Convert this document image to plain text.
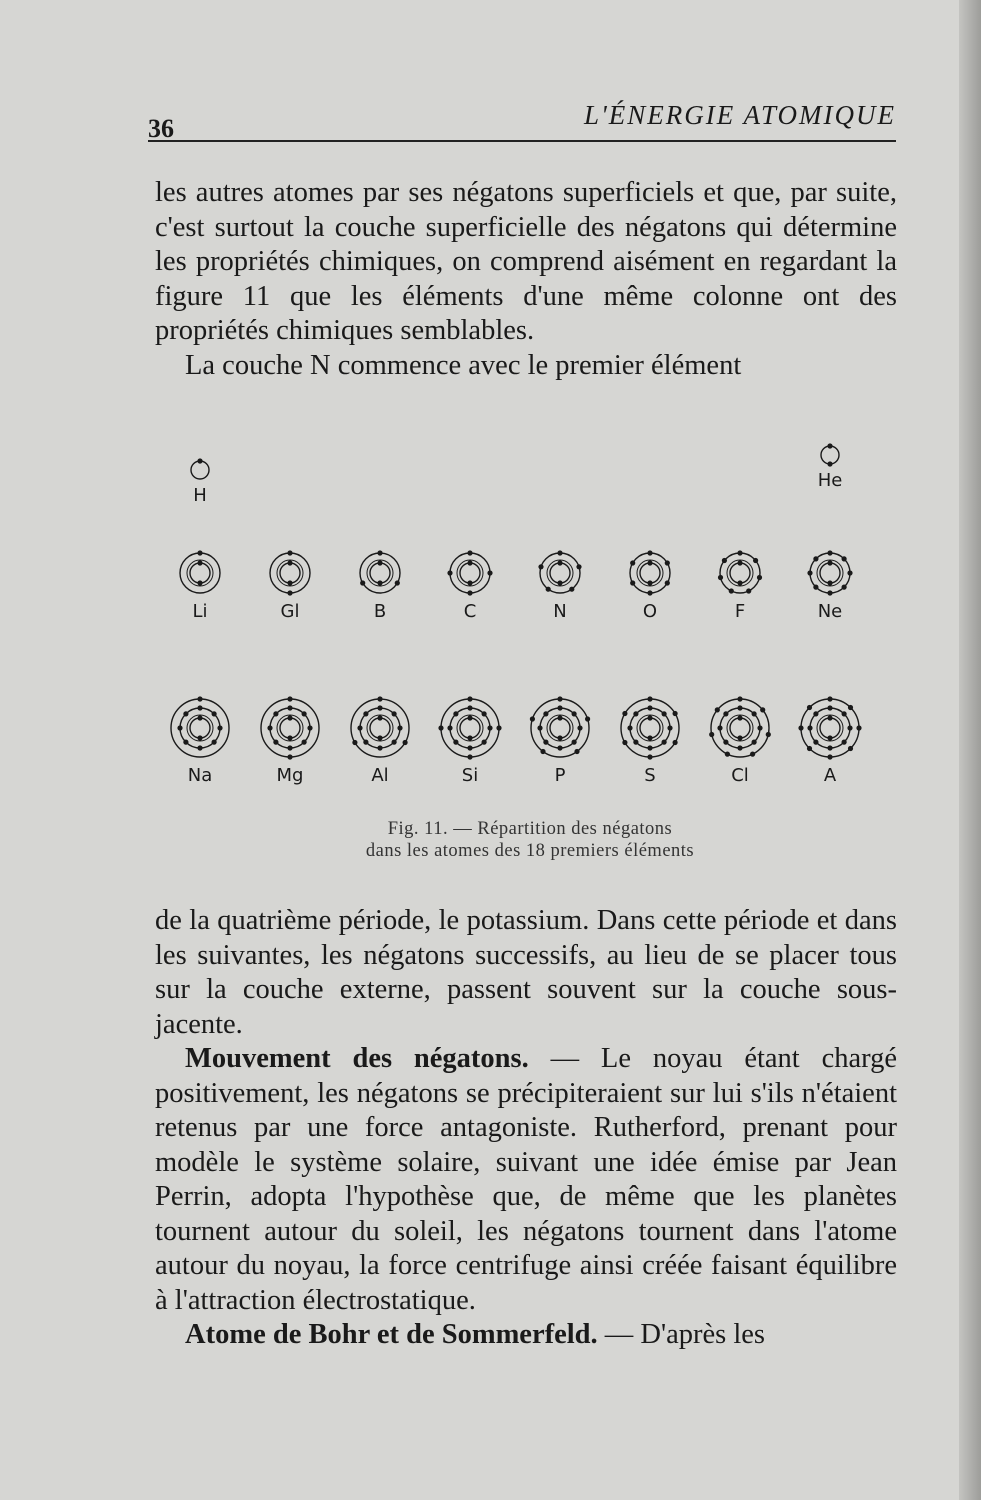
36	L'ÉNERGIE ATOMIQUE

les autres atomes par ses négatons superficiels et que, par suite, c'est surtout la couche superficielle des négatons qui détermine les propriétés chimiques, on comprend aisément en regardant la figure 11 que les éléments d'une même colonne ont des propriétés chimiques semblables.

La couche N commence avec le premier élément

H
He
Li	Gl	B	C	N	O	F	Ne
Na	Mg	Al	Si	P	S	Cl	A
Fig. 11. — Répartition des négatons
dans les atomes des 18 premiers éléments

de la quatrième période, le potassium. Dans cette période et dans les suivantes, les négatons successifs, au lieu de se placer tous sur la couche externe, passent souvent sur la couche sous-jacente.

Mouvement des négatons. — Le noyau étant chargé positivement, les négatons se précipiteraient sur lui s'ils n'étaient retenus par une force antagoniste. Rutherford, prenant pour modèle le système solaire, suivant une idée émise par Jean Perrin, adopta l'hypothèse que, de même que les planètes tournent autour du soleil, les négatons tournent dans l'atome autour du noyau, la force centrifuge ainsi créée faisant équilibre à l'attraction électrostatique.

Atome de Bohr et de Sommerfeld. — D'après les
